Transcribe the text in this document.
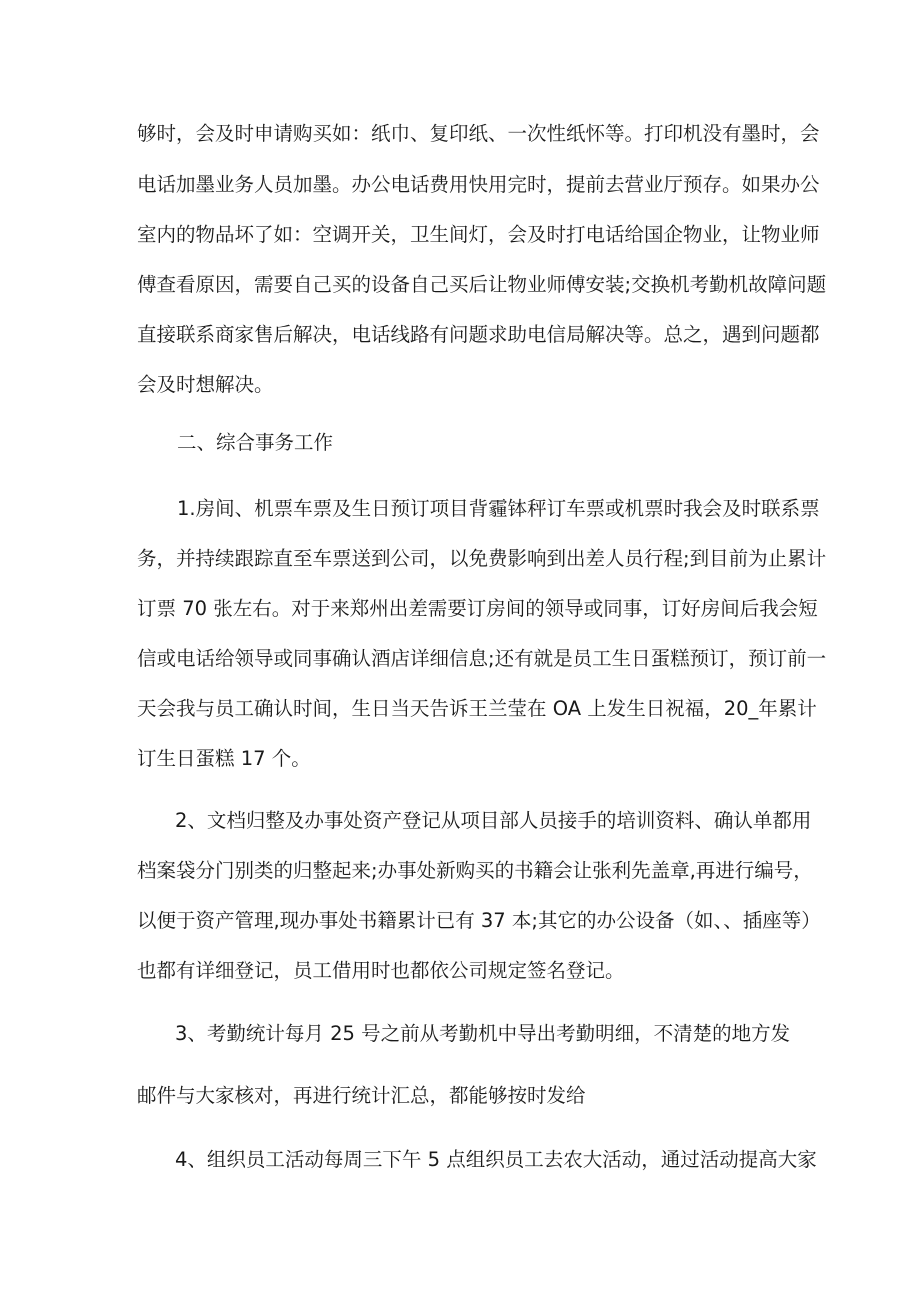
够时，会及时申请购买如：纸巾、复印纸、一次性纸怀等。打印机没有墨时，会
电话加墨业务人员加墨。办公电话费用快用完时，提前去营业厅预存。如果办公
室内的物品坏了如：空调开关，卫生间灯，会及时打电话给国企物业，让物业师
傅查看原因，需要自己买的设备自己买后让物业师傅安装;交换机考勤机故障问题
直接联系商家售后解决，电话线路有问题求助电信局解决等。总之，遇到问题都
会及时想解决。
二、综合事务工作
1.房间、机票车票及生日预订项目背霾钵秤订车票或机票时我会及时联系票
务，并持续跟踪直至车票送到公司，以免费影响到出差人员行程;到目前为止累计
订票 70 张左右。对于来郑州出差需要订房间的领导或同事，订好房间后我会短
信或电话给领导或同事确认酒店详细信息;还有就是员工生日蛋糕预订，预订前一
天会我与员工确认时间，生日当天告诉王兰莹在 OA 上发生日祝福，20_年累计
订生日蛋糕 17 个。
2、文档归整及办事处资产登记从项目部人员接手的培训资料、确认单都用
档案袋分门别类的归整起来;办事处新购买的书籍会让张利先盖章,再进行编号，
以便于资产管理,现办事处书籍累计已有 37 本;其它的办公设备（如、、插座等）
也都有详细登记，员工借用时也都依公司规定签名登记。
3、考勤统计每月 25 号之前从考勤机中导出考勤明细，不清楚的地方发
邮件与大家核对，再进行统计汇总，都能够按时发给
4、组织员工活动每周三下午 5 点组织员工去农大活动，通过活动提高大家
